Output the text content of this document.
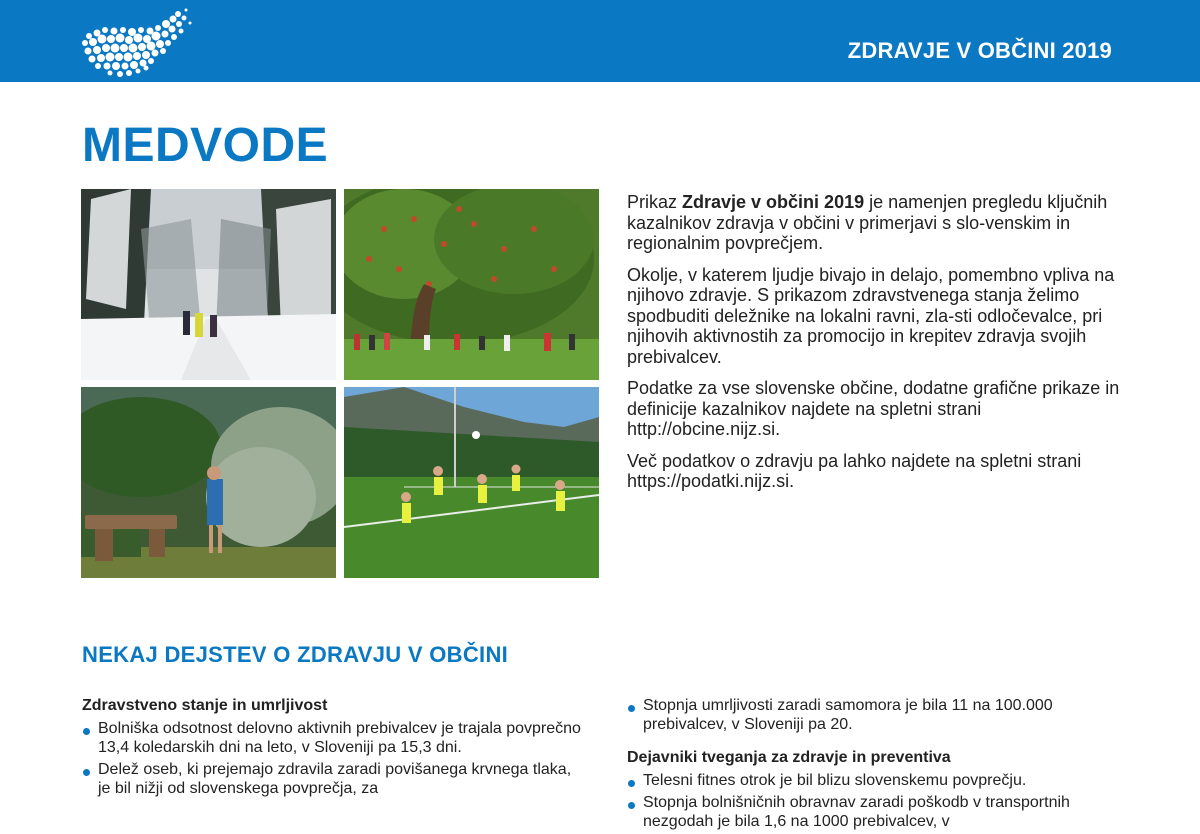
ZDRAVJE V OBČINI 2019
MEDVODE

Prikaz Zdravje v občini 2019 je namenjen pregledu ključnih kazalnikov zdravja v občini v primerjavi s slo-venskim in regionalnim povprečjem.

Okolje, v katerem ljudje bivajo in delajo, pomembno vpliva na njihovo zdravje. S prikazom zdravstvenega stanja želimo spodbuditi deležnike na lokalni ravni, zla-sti odločevalce, pri njihovih aktivnostih za promocijo in krepitev zdravja svojih prebivalcev.

Podatke za vse slovenske občine, dodatne grafične prikaze in definicije kazalnikov najdete na spletni strani http://obcine.nijz.si.

Več podatkov o zdravju pa lahko najdete na spletni strani https://podatki.nijz.si.

NEKAJ DEJSTEV O ZDRAVJU V OBČINI
Zdravstveno stanje in umrljivost
Bolniška odsotnost delovno aktivnih prebivalcev je trajala povprečno 13,4 koledarskih dni na leto, v Sloveniji pa 15,3 dni.
Delež oseb, ki prejemajo zdravila zaradi povišanega krvnega tlaka, je bil nižji od slovenskega povprečja, za
Stopnja umrljivosti zaradi samomora je bila 11 na 100.000 prebivalcev, v Sloveniji pa 20.
Dejavniki tveganja za zdravje in preventiva
Telesni fitnes otrok je bil blizu slovenskemu povprečju.
Stopnja bolnišničnih obravnav zaradi poškodb v transportnih nezgodah je bila 1,6 na 1000 prebivalcev, v
